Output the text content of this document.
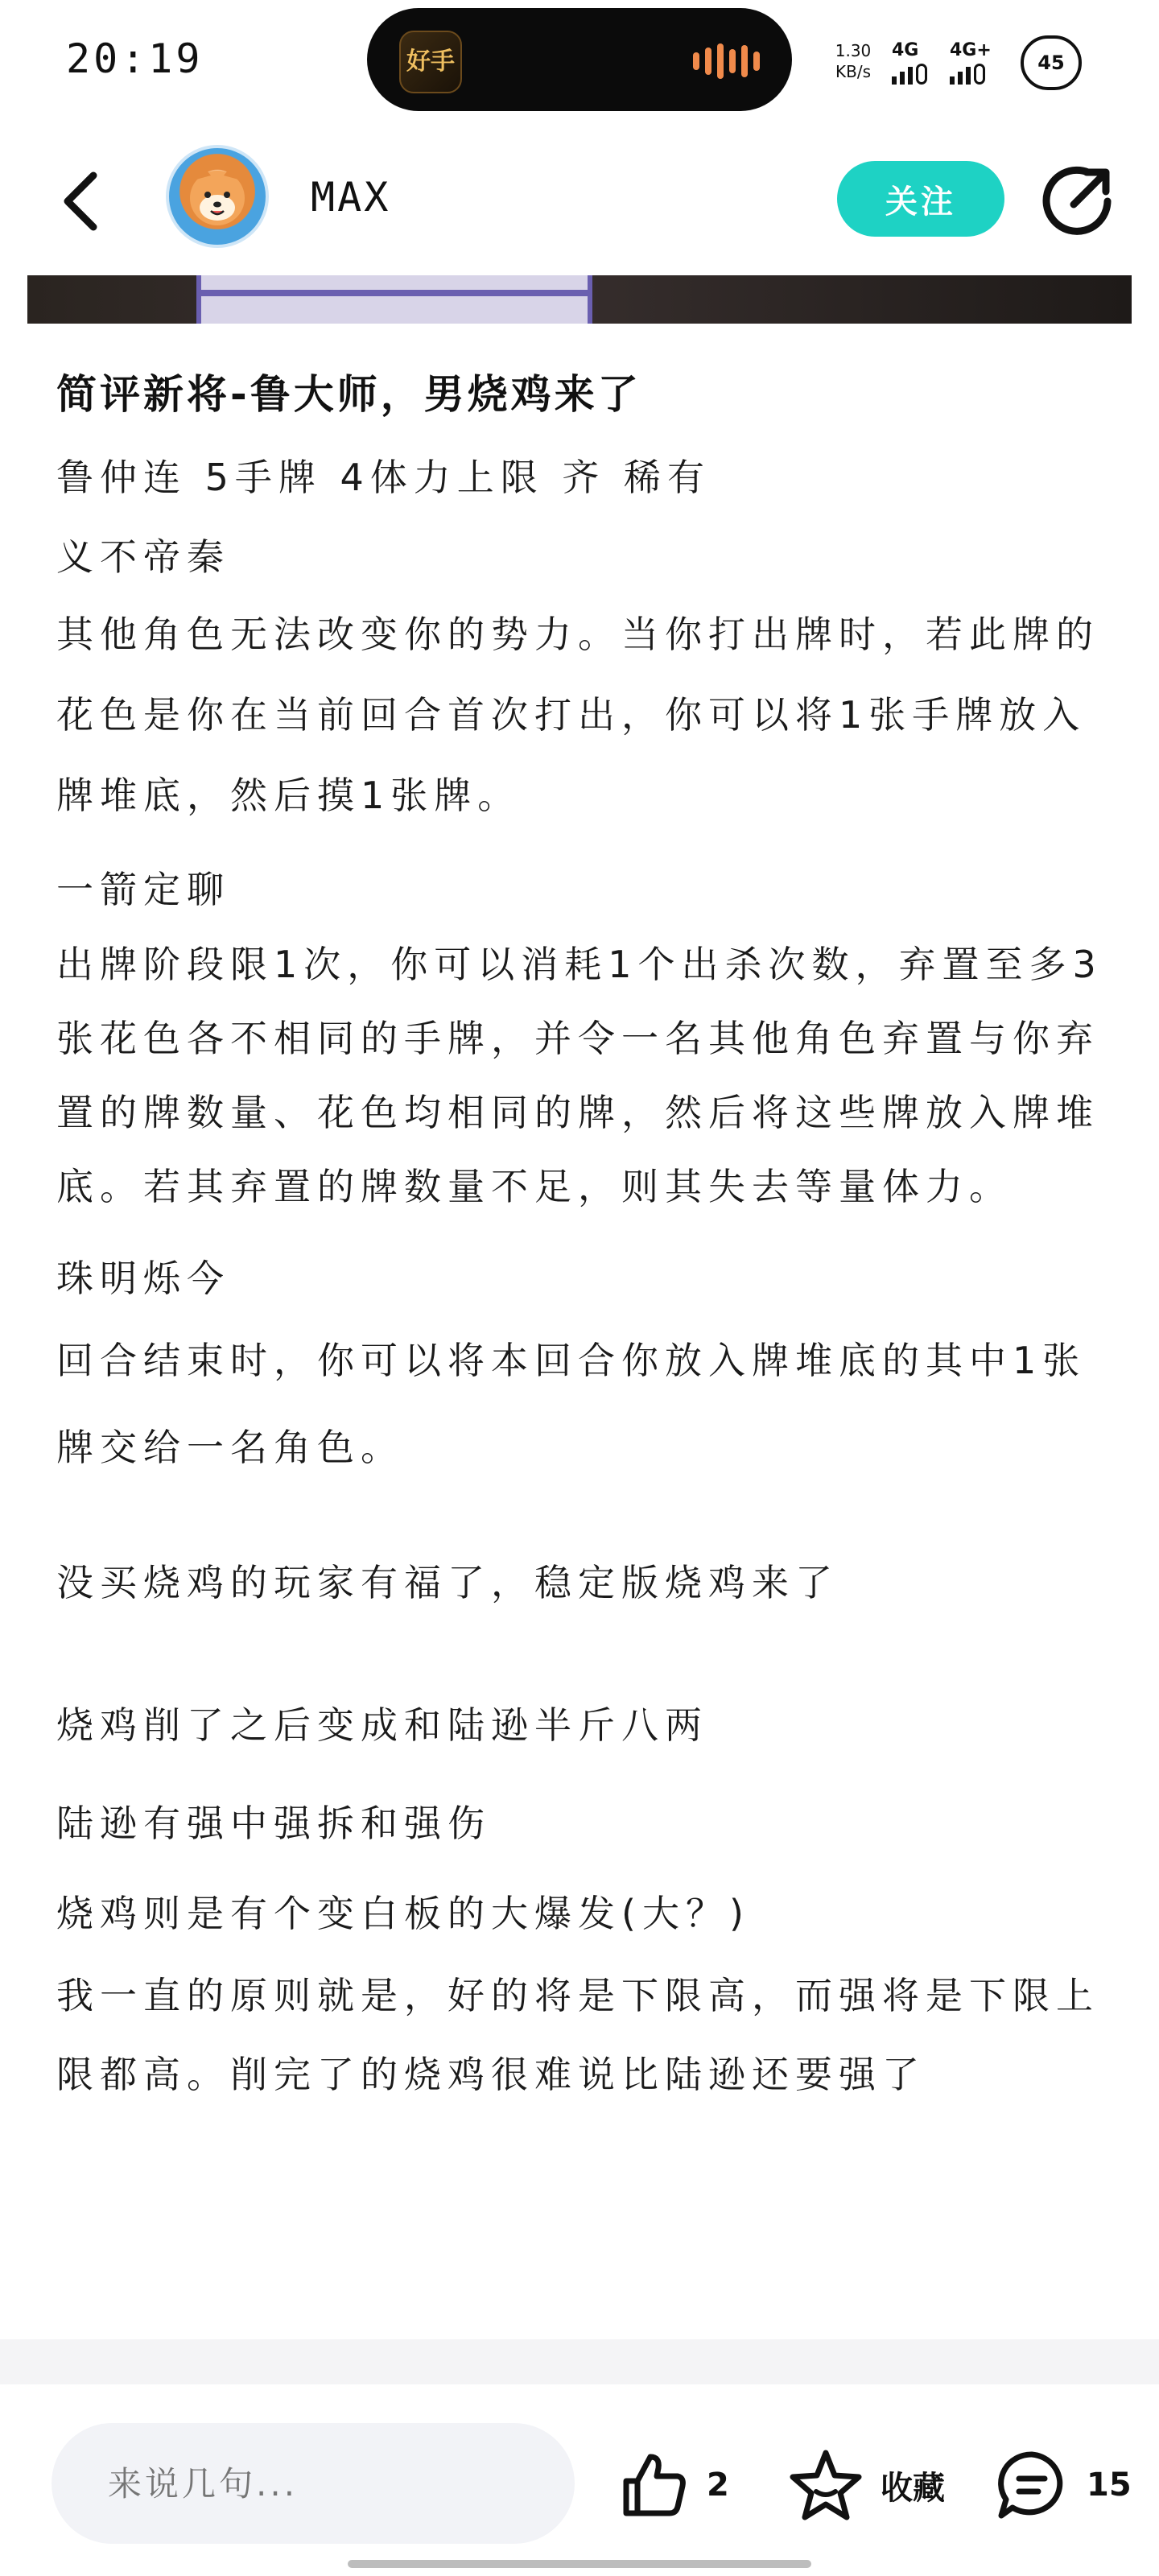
20:19	好手	1.30
KB/s
4G	4G+
45
MAX	关注
简评新将-鲁大师，男烧鸡来了

鲁仲连 5手牌 4体力上限 齐 稀有

义不帝秦

其他角色无法改变你的势力。当你打出牌时，若此牌的花色是你在当前回合首次打出，你可以将1张手牌放入牌堆底，然后摸1张牌。

一箭定聊

出牌阶段限1次，你可以消耗1个出杀次数，弃置至多3张花色各不相同的手牌，并令一名其他角色弃置与你弃置的牌数量、花色均相同的牌，然后将这些牌放入牌堆底。若其弃置的牌数量不足，则其失去等量体力。

珠明烁今

回合结束时，你可以将本回合你放入牌堆底的其中1张牌交给一名角色。

没买烧鸡的玩家有福了，稳定版烧鸡来了

烧鸡削了之后变成和陆逊半斤八两

陆逊有强中强拆和强伤

烧鸡则是有个变白板的大爆发(大？)

我一直的原则就是，好的将是下限高，而强将是下限上限都高。削完了的烧鸡很难说比陆逊还要强了

来说几句...
2	收藏	15
